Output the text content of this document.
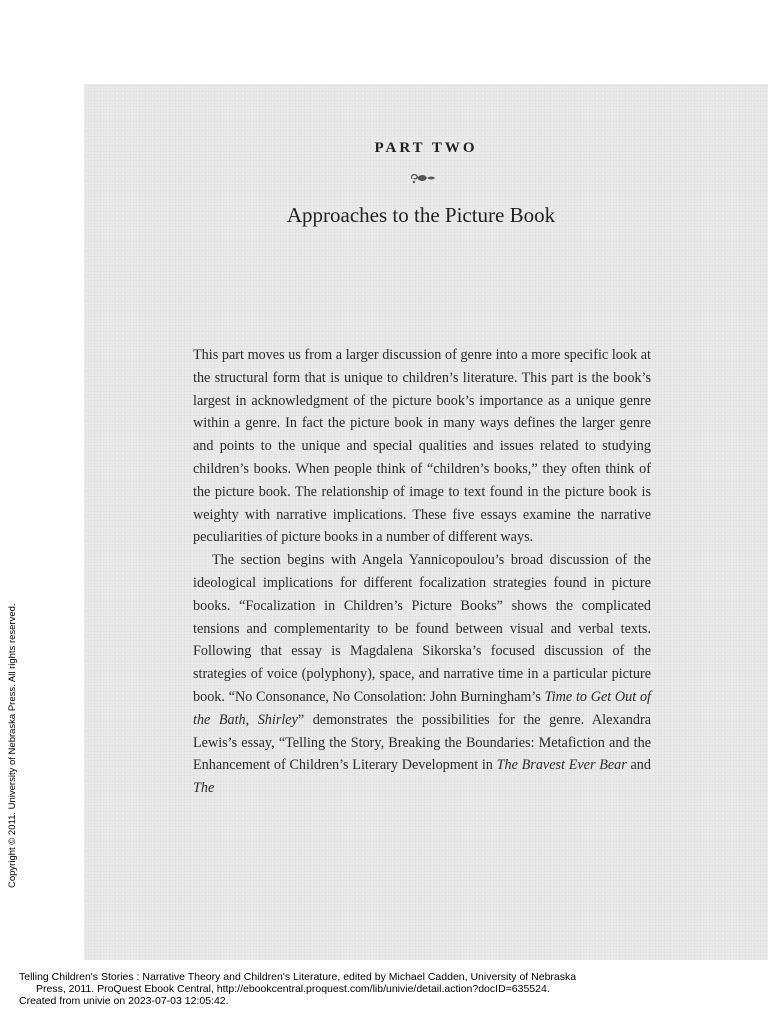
PART TWO
Approaches to the Picture Book

This part moves us from a larger discussion of genre into a more specific look at the structural form that is unique to children’s literature. This part is the book’s largest in acknowledgment of the picture book’s importance as a unique genre within a genre. In fact the picture book in many ways defines the larger genre and points to the unique and special qualities and issues related to studying children’s books. When people think of “children’s books,” they often think of the picture book. The relationship of image to text found in the picture book is weighty with narrative implications. These five essays examine the narrative peculiarities of picture books in a number of different ways.

The section begins with Angela Yannicopoulou’s broad discussion of the ideological implications for different focalization strategies found in picture books. “Focalization in Children’s Picture Books” shows the complicated tensions and complementarity to be found between visual and verbal texts. Following that essay is Magdalena Sikorska’s focused discussion of the strategies of voice (polyphony), space, and narrative time in a particular picture book. “No Consonance, No Consolation: John Burningham’s Time to Get Out of the Bath, Shirley” demonstrates the possibilities for the genre. Alexandra Lewis’s essay, “Telling the Story, Breaking the Boundaries: Metafiction and the Enhancement of Children’s Literary Development in The Bravest Ever Bear and The

Copyright © 2011. University of Nebraska Press. All rights reserved.
Telling Children's Stories : Narrative Theory and Children's Literature, edited by Michael Cadden, University of Nebraska
Press, 2011. ProQuest Ebook Central, http://ebookcentral.proquest.com/lib/univie/detail.action?docID=635524.
Created from univie on 2023-07-03 12:05:42.
